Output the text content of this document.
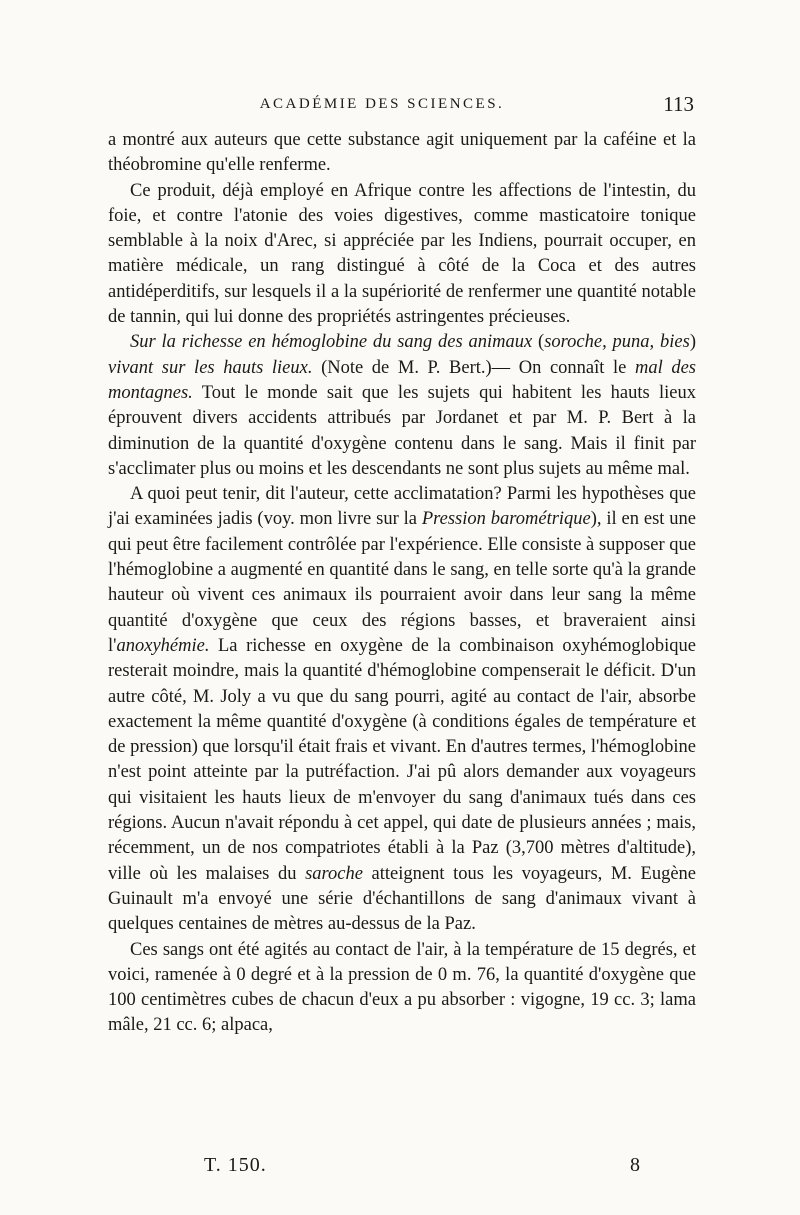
ACADÉMIE DES SCIENCES.	113

a montré aux auteurs que cette substance agit uniquement par la caféine et la théobromine qu'elle renferme.

Ce produit, déjà employé en Afrique contre les affections de l'intestin, du foie, et contre l'atonie des voies digestives, comme masticatoire tonique semblable à la noix d'Arec, si appréciée par les Indiens, pourrait occuper, en matière médicale, un rang distingué à côté de la Coca et des autres antidéperditifs, sur lesquels il a la supériorité de renfermer une quantité notable de tannin, qui lui donne des propriétés astringentes précieuses.

Sur la richesse en hémoglobine du sang des animaux (soroche, puna, bies) vivant sur les hauts lieux. (Note de M. P. Bert.)— On connaît le mal des montagnes. Tout le monde sait que les sujets qui habitent les hauts lieux éprouvent divers accidents attribués par Jordanet et par M. P. Bert à la diminution de la quantité d'oxygène contenu dans le sang. Mais il finit par s'acclimater plus ou moins et les descendants ne sont plus sujets au même mal.

A quoi peut tenir, dit l'auteur, cette acclimatation? Parmi les hypothèses que j'ai examinées jadis (voy. mon livre sur la Pression barométrique), il en est une qui peut être facilement contrôlée par l'expérience. Elle consiste à supposer que l'hémoglobine a augmenté en quantité dans le sang, en telle sorte qu'à la grande hauteur où vivent ces animaux ils pourraient avoir dans leur sang la même quantité d'oxygène que ceux des régions basses, et braveraient ainsi l'anoxyhémie. La richesse en oxygène de la combinaison oxyhémoglobique resterait moindre, mais la quantité d'hémoglobine compenserait le déficit. D'un autre côté, M. Joly a vu que du sang pourri, agité au contact de l'air, absorbe exactement la même quantité d'oxygène (à conditions égales de température et de pression) que lorsqu'il était frais et vivant. En d'autres termes, l'hémoglobine n'est point atteinte par la putréfaction. J'ai pû alors demander aux voyageurs qui visitaient les hauts lieux de m'envoyer du sang d'animaux tués dans ces régions. Aucun n'avait répondu à cet appel, qui date de plusieurs années ; mais, récemment, un de nos compatriotes établi à la Paz (3,700 mètres d'altitude), ville où les malaises du saroche atteignent tous les voyageurs, M. Eugène Guinault m'a envoyé une série d'échantillons de sang d'animaux vivant à quelques centaines de mètres au-dessus de la Paz.

Ces sangs ont été agités au contact de l'air, à la température de 15 degrés, et voici, ramenée à 0 degré et à la pression de 0 m. 76, la quantité d'oxygène que 100 centimètres cubes de chacun d'eux a pu absorber : vigogne, 19 cc. 3; lama mâle, 21 cc. 6; alpaca,

T. 150.	8
